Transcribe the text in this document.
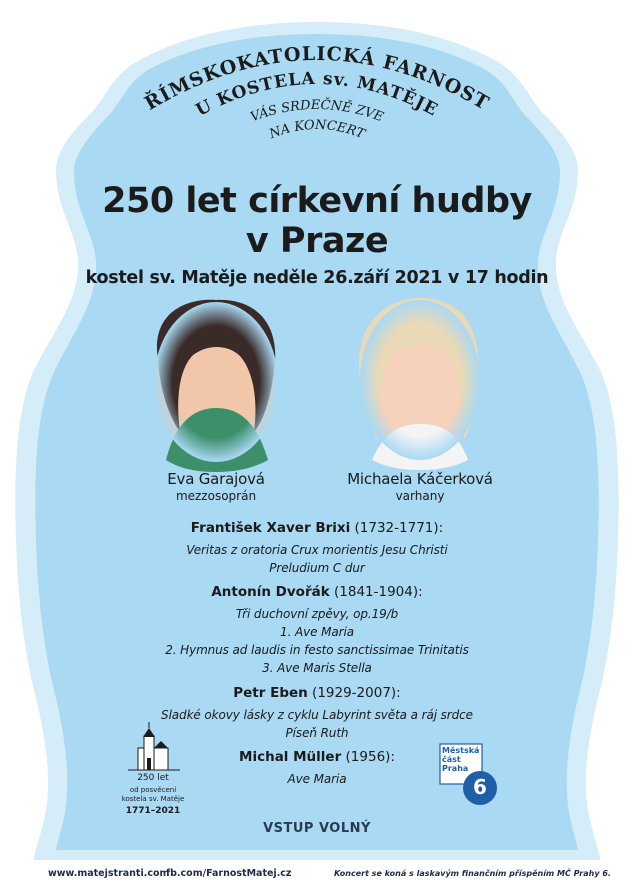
ŘÍMSKOKATOLICKÁ FARNOST
U KOSTELA sv. MATĚJE
VÁS SRDEČNĚ ZVE
NA KONCERT
250 let církevní hudby
v Praze
kostel sv. Matěje neděle 26.září 2021 v 17 hodin
Eva Garajová
mezzosoprán
Michaela Káčerková
varhany
František Xaver Brixi (1732-1771):
Veritas z oratoria Crux morientis Jesu Christi
Preludium C dur
Antonín Dvořák (1841-1904):
Tři duchovní zpěvy, op.19/b
1. Ave Maria
2. Hymnus ad laudis in festo sanctissimae Trinitatis
3. Ave Maris Stella
Petr Eben (1929-2007):
Sladké okovy lásky z cyklu Labyrint světa a ráj srdce
Píseň Ruth
Michal Müller (1956):
Ave Maria
VSTUP VOLNÝ
250 let
od posvěcení
kostela sv. Matěje
1771–2021
Městská
část
Praha
6
www.matejstranti.com
fb.com/FarnostMatej.cz	Koncert se koná s laskavým finančním příspěním MČ Prahy 6.
